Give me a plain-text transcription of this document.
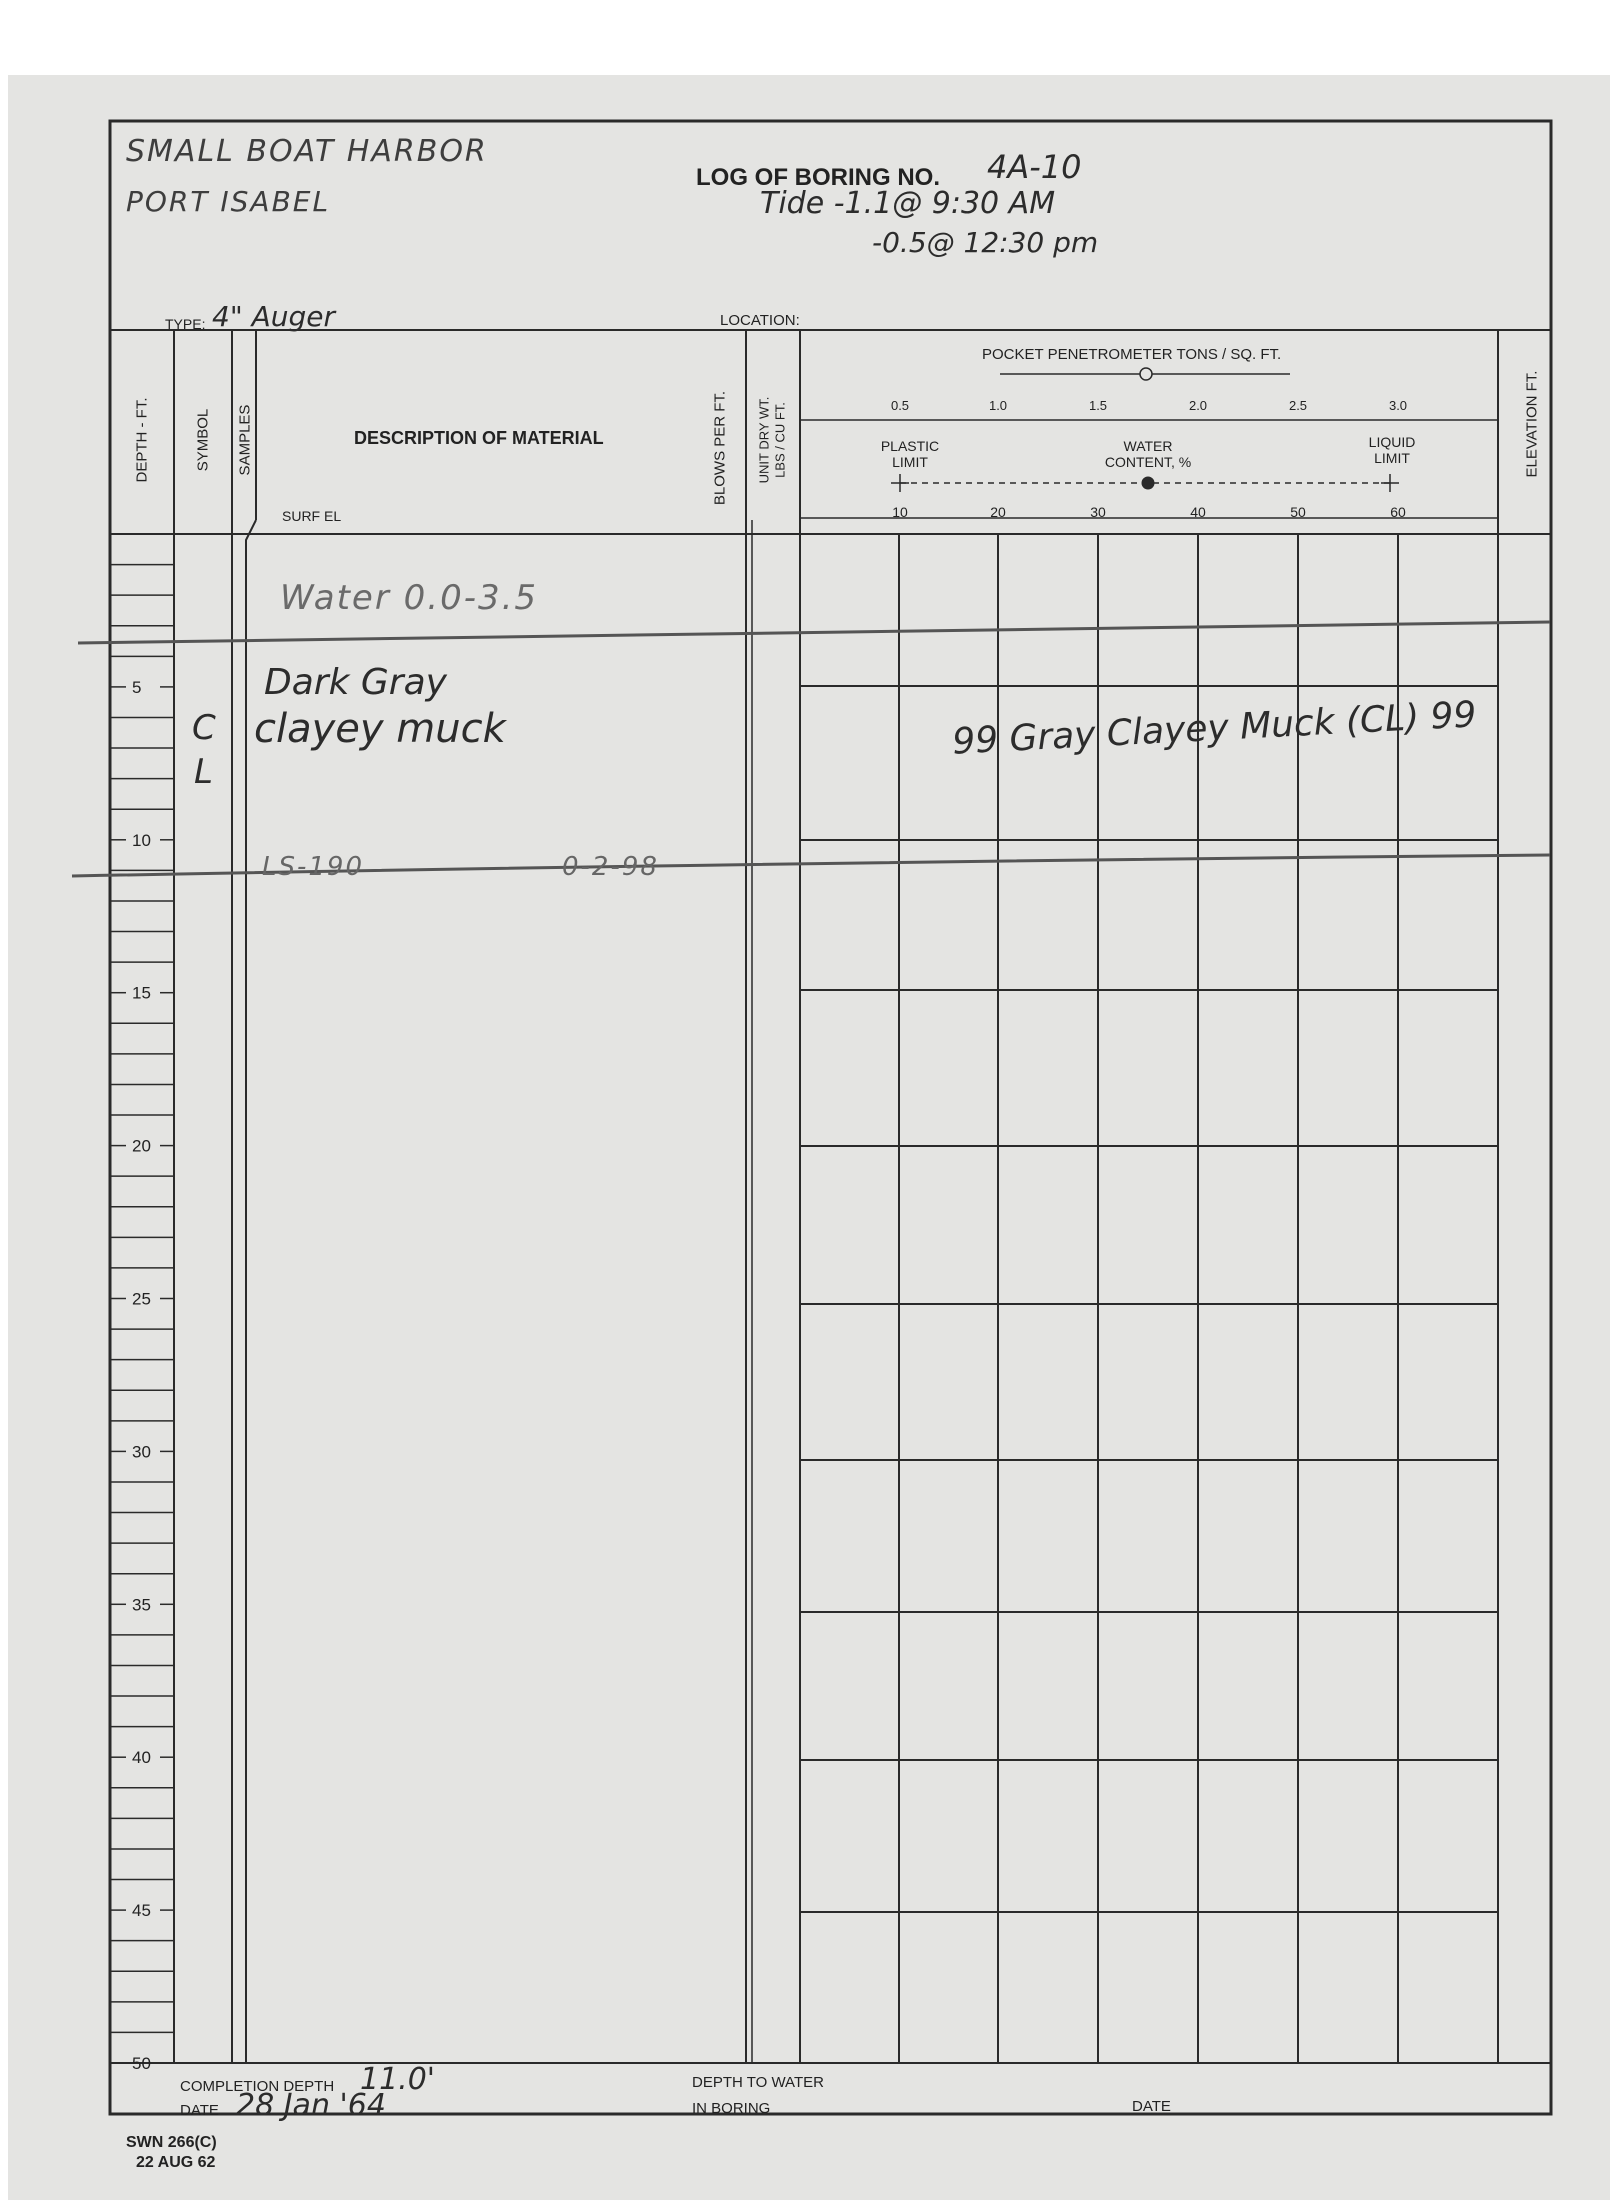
5
10
15
20
25
30
35
40
45
50
SMALL BOAT HARBOR
PORT ISABEL
LOG OF BORING NO. 4A-10
Tide -1.1@ 9:30 AM
-0.5@ 12:30 pm
TYPE: 4" Auger	LOCATION:
DEPTH - FT.	SYMBOL SAMPLES	DESCRIPTION OF MATERIAL
SURF EL
BLOWS PER FT. UNIT DRY WT. LBS / CU FT.	ELEVATION FT.
POCKET PENETROMETER TONS / SQ. FT.
0.5	1.0	1.5	2.0	2.5	3.0
PLASTIC
LIMIT
WATER
CONTENT, %
LIQUID
LIMIT
10	20	30	40	50	60
Water 0.0-3.5
Dark Gray
clayey muck
C
L
LS-190	0-2-98
99 Gray Clayey Muck (CL) 99
COMPLETION DEPTH 11.0'
DATE 28 Jan '64
DEPTH TO WATER
IN BORING	DATE
SWN 266(C)
22 AUG 62
